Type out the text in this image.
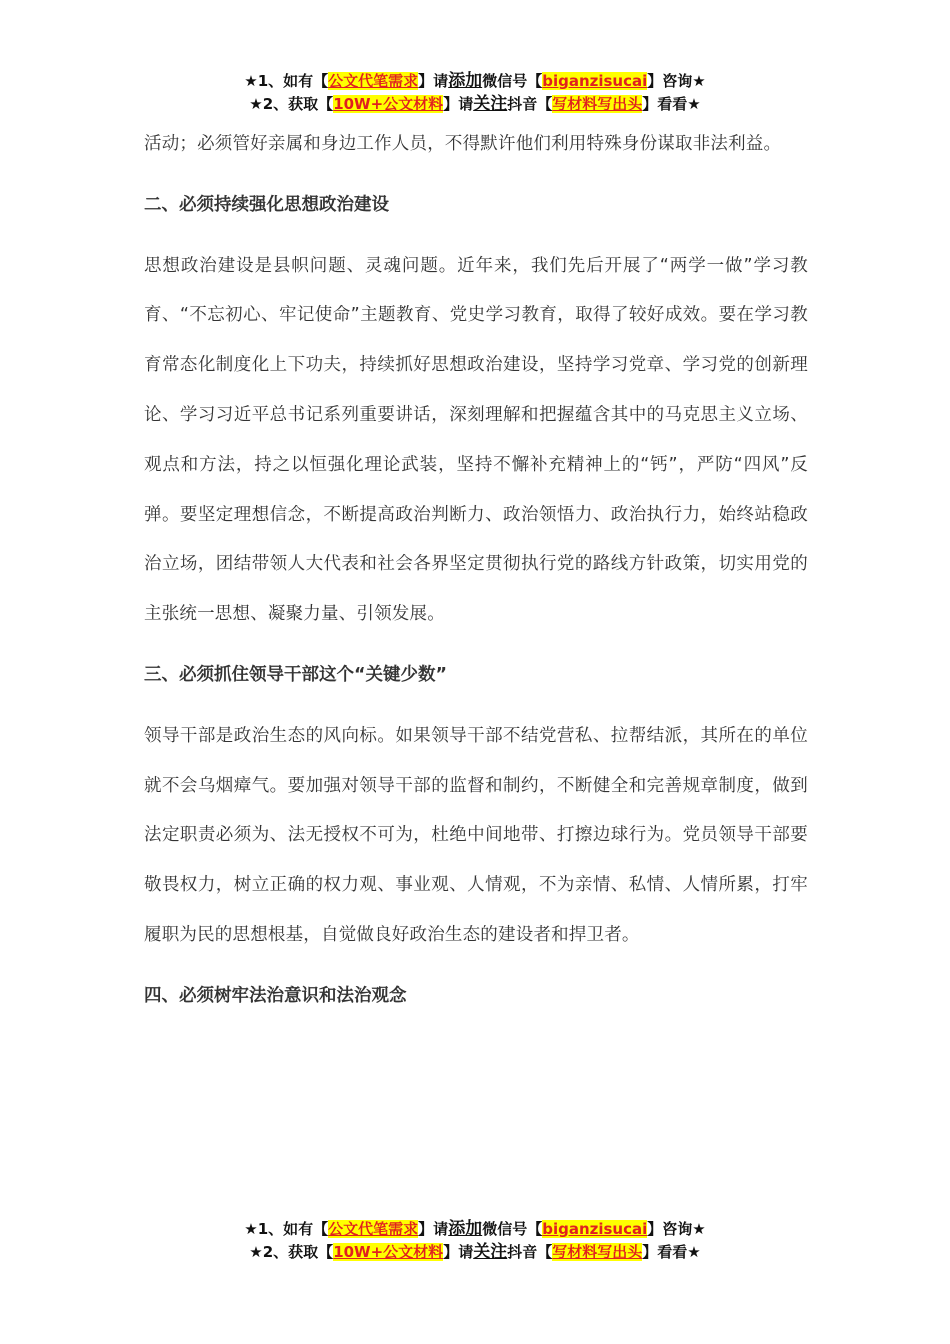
★1、如有【公文代笔需求】请添加微信号【biganzisucai】咨询★
★2、获取【10W+公文材料】请关注抖音【写材料写出头】看看★

活动；必须管好亲属和身边工作人员，不得默许他们利用特殊身份谋取非法利益。

二、必须持续强化思想政治建设

思想政治建设是县帜问题、灵魂问题。近年来，我们先后开展了“两学一做”学习教育、“不忘初心、牢记使命”主题教育、党史学习教育，取得了较好成效。要在学习教育常态化制度化上下功夫，持续抓好思想政治建设，坚持学习党章、学习党的创新理论、学习习近平总书记系列重要讲话，深刻理解和把握蕴含其中的马克思主义立场、观点和方法，持之以恒强化理论武装，坚持不懈补充精神上的“钙”，严防“四风”反弹。要坚定理想信念，不断提高政治判断力、政治领悟力、政治执行力，始终站稳政治立场，团结带领人大代表和社会各界坚定贯彻执行党的路线方针政策，切实用党的主张统一思想、凝聚力量、引领发展。

三、必须抓住领导干部这个“关键少数”

领导干部是政治生态的风向标。如果领导干部不结党营私、拉帮结派，其所在的单位就不会乌烟瘴气。要加强对领导干部的监督和制约，不断健全和完善规章制度，做到法定职责必须为、法无授权不可为，杜绝中间地带、打擦边球行为。党员领导干部要敬畏权力，树立正确的权力观、事业观、人情观，不为亲情、私情、人情所累，打牢履职为民的思想根基，自觉做良好政治生态的建设者和捍卫者。

四、必须树牢法治意识和法治观念

★1、如有【公文代笔需求】请添加微信号【biganzisucai】咨询★
★2、获取【10W+公文材料】请关注抖音【写材料写出头】看看★
